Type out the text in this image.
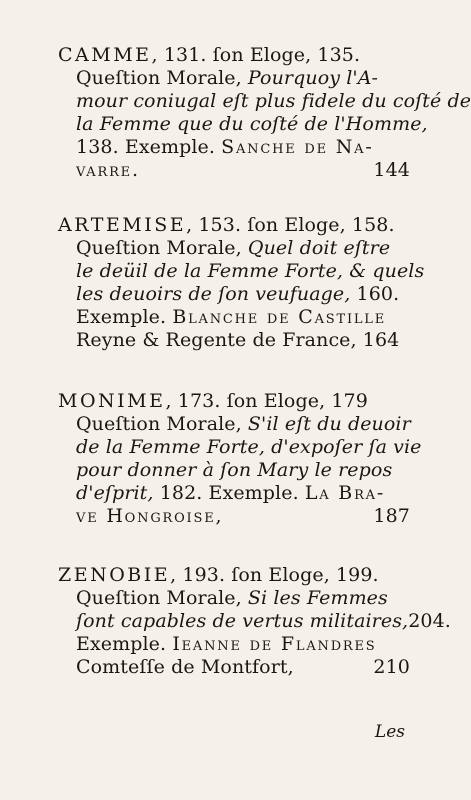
CAMME, 131. ſon Eloge, 135.
Queſtion Morale, Pourquoy l'A-
mour coniugal eſt plus fidele du coſté de
la Femme que du coſté de l'Homme,
138. Exemple. Sanche de Na-
varre.	144
ARTEMISE, 153. ſon Eloge, 158.
Queſtion Morale, Quel doit eſtre
le deüil de la Femme Forte, & quels
les deuoirs de ſon veufuage, 160.
Exemple. Blanche de Castille
Reyne & Regente de France, 164
MONIME, 173. ſon Eloge, 179
Queſtion Morale, S'il eſt du deuoir
de la Femme Forte, d'expoſer ſa vie
pour donner à ſon Mary le repos
d'eſprit, 182. Exemple. La Bra-
ve Hongroise,	187
ZENOBIE, 193. ſon Eloge, 199.
Queſtion Morale, Si les Femmes
ſont capables de vertus militaires,204.
Exemple. Ieanne de Flandres
Comteſſe de Montfort,	210
Les
